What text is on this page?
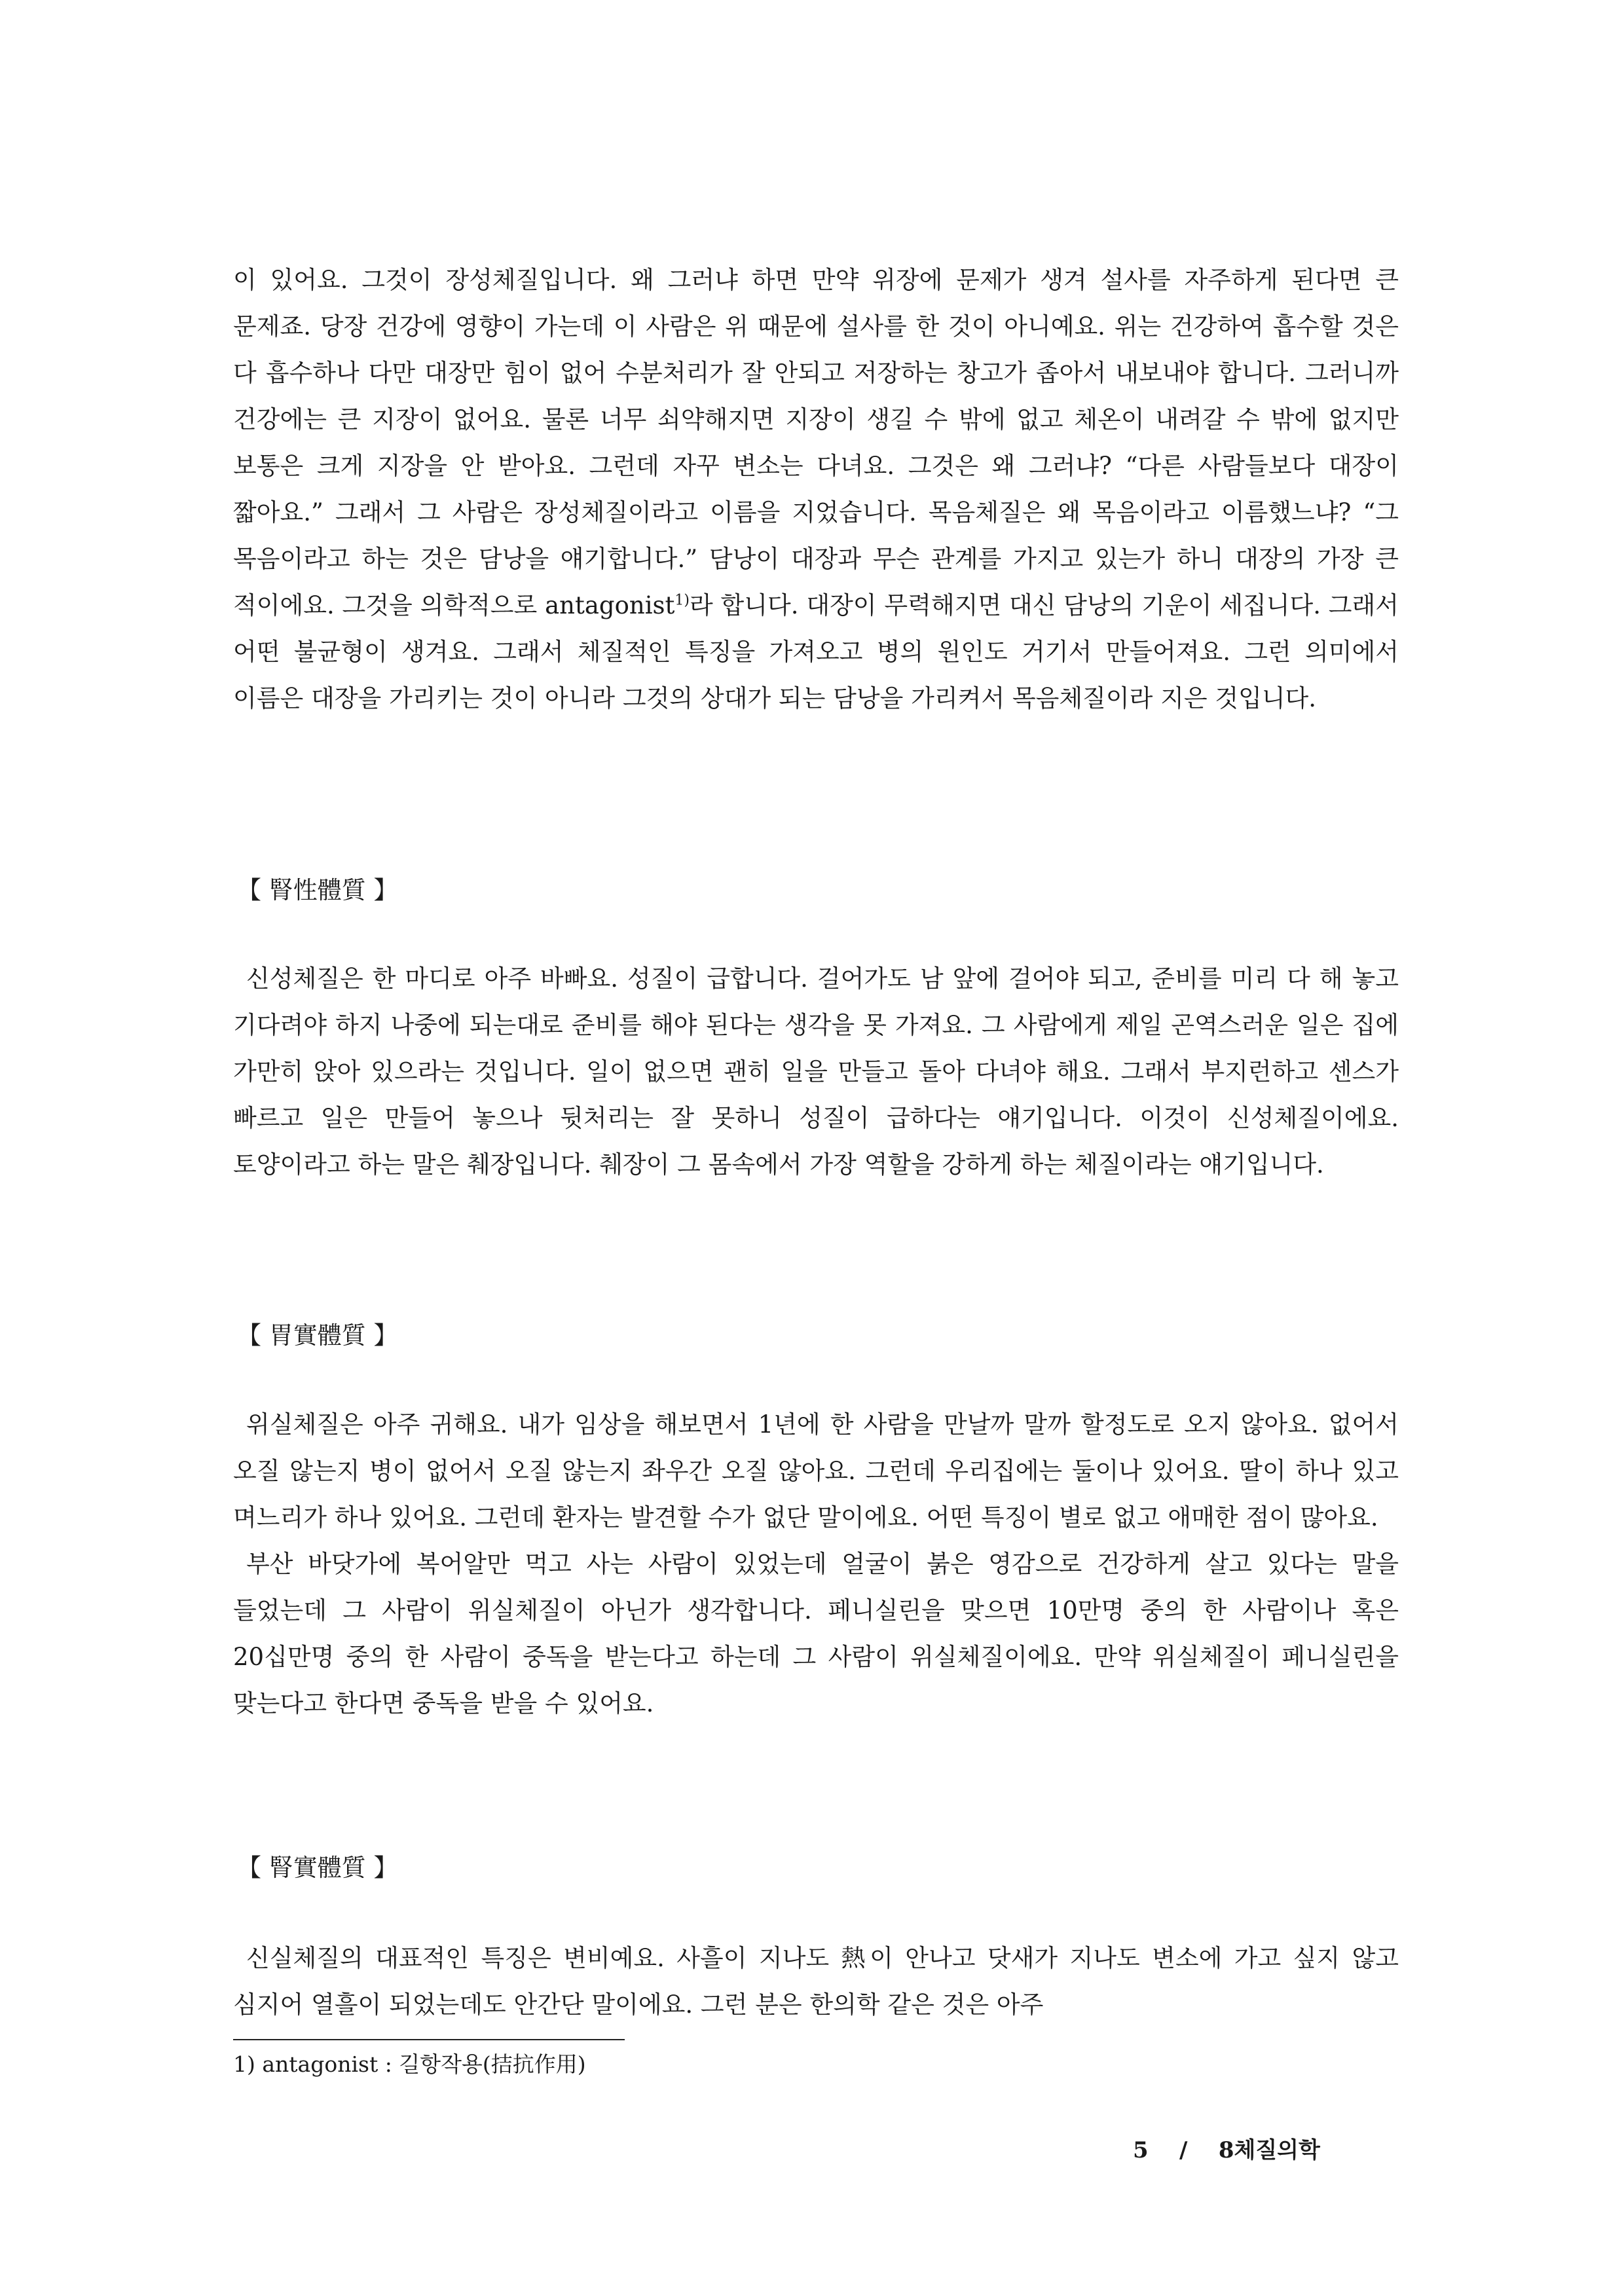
이 있어요. 그것이 장성체질입니다. 왜 그러냐 하면 만약 위장에 문제가 생겨 설사를 자주하게 된다면 큰 문제죠. 당장 건강에 영향이 가는데 이 사람은 위 때문에 설사를 한 것이 아니예요. 위는 건강하여 흡수할 것은 다 흡수하나 다만 대장만 힘이 없어 수분처리가 잘 안되고 저장하는 창고가 좁아서 내보내야 합니다. 그러니까 건강에는 큰 지장이 없어요. 물론 너무 쇠약해지면 지장이 생길 수 밖에 없고 체온이 내려갈 수 밖에 없지만 보통은 크게 지장을 안 받아요. 그런데 자꾸 변소는 다녀요. 그것은 왜 그러냐? “다른 사람들보다 대장이 짧아요.” 그래서 그 사람은 장성체질이라고 이름을 지었습니다. 목음체질은 왜 목음이라고 이름했느냐? “그 목음이라고 하는 것은 담낭을 얘기합니다.” 담낭이 대장과 무슨 관계를 가지고 있는가 하니 대장의 가장 큰 적이에요. 그것을 의학적으로 antagonist$^{1)}$라 합니다. 대장이 무력해지면 대신 담낭의 기운이 세집니다. 그래서 어떤 불균형이 생겨요. 그래서 체질적인 특징을 가져오고 병의 원인도 거기서 만들어져요. 그런 의미에서 이름은 대장을 가리키는 것이 아니라 그것의 상대가 되는 담낭을 가리켜서 목음체질이라 지은 것입니다.

【 腎性體質 】

신성체질은 한 마디로 아주 바빠요. 성질이 급합니다. 걸어가도 남 앞에 걸어야 되고, 준비를 미리 다 해 놓고 기다려야 하지 나중에 되는대로 준비를 해야 된다는 생각을 못 가져요. 그 사람에게 제일 곤역스러운 일은 집에 가만히 앉아 있으라는 것입니다. 일이 없으면 괜히 일을 만들고 돌아 다녀야 해요. 그래서 부지런하고 센스가 빠르고 일은 만들어 놓으나 뒷처리는 잘 못하니 성질이 급하다는 얘기입니다. 이것이 신성체질이에요. 토양이라고 하는 말은 췌장입니다. 췌장이 그 몸속에서 가장 역할을 강하게 하는 체질이라는 얘기입니다.

【 胃實體質 】

위실체질은 아주 귀해요. 내가 임상을 해보면서 1년에 한 사람을 만날까 말까 할정도로 오지 않아요. 없어서 오질 않는지 병이 없어서 오질 않는지 좌우간 오질 않아요. 그런데 우리집에는 둘이나 있어요. 딸이 하나 있고 며느리가 하나 있어요. 그런데 환자는 발견할 수가 없단 말이에요. 어떤 특징이 별로 없고 애매한 점이 많아요.

부산 바닷가에 복어알만 먹고 사는 사람이 있었는데 얼굴이 붉은 영감으로 건강하게 살고 있다는 말을 들었는데 그 사람이 위실체질이 아닌가 생각합니다. 페니실린을 맞으면 10만명 중의 한 사람이나 혹은 20십만명 중의 한 사람이 중독을 받는다고 하는데 그 사람이 위실체질이에요. 만약 위실체질이 페니실린을 맞는다고 한다면 중독을 받을 수 있어요.

【 腎實體質 】

신실체질의 대표적인 특징은 변비예요. 사흘이 지나도 熱이 안나고 닷새가 지나도 변소에 가고 싶지 않고 심지어 열흘이 되었는데도 안간단 말이에요. 그런 분은 한의학 같은 것은 아주

1) antagonist : 길항작용(拮抗作用)

5 / 8체질의학
